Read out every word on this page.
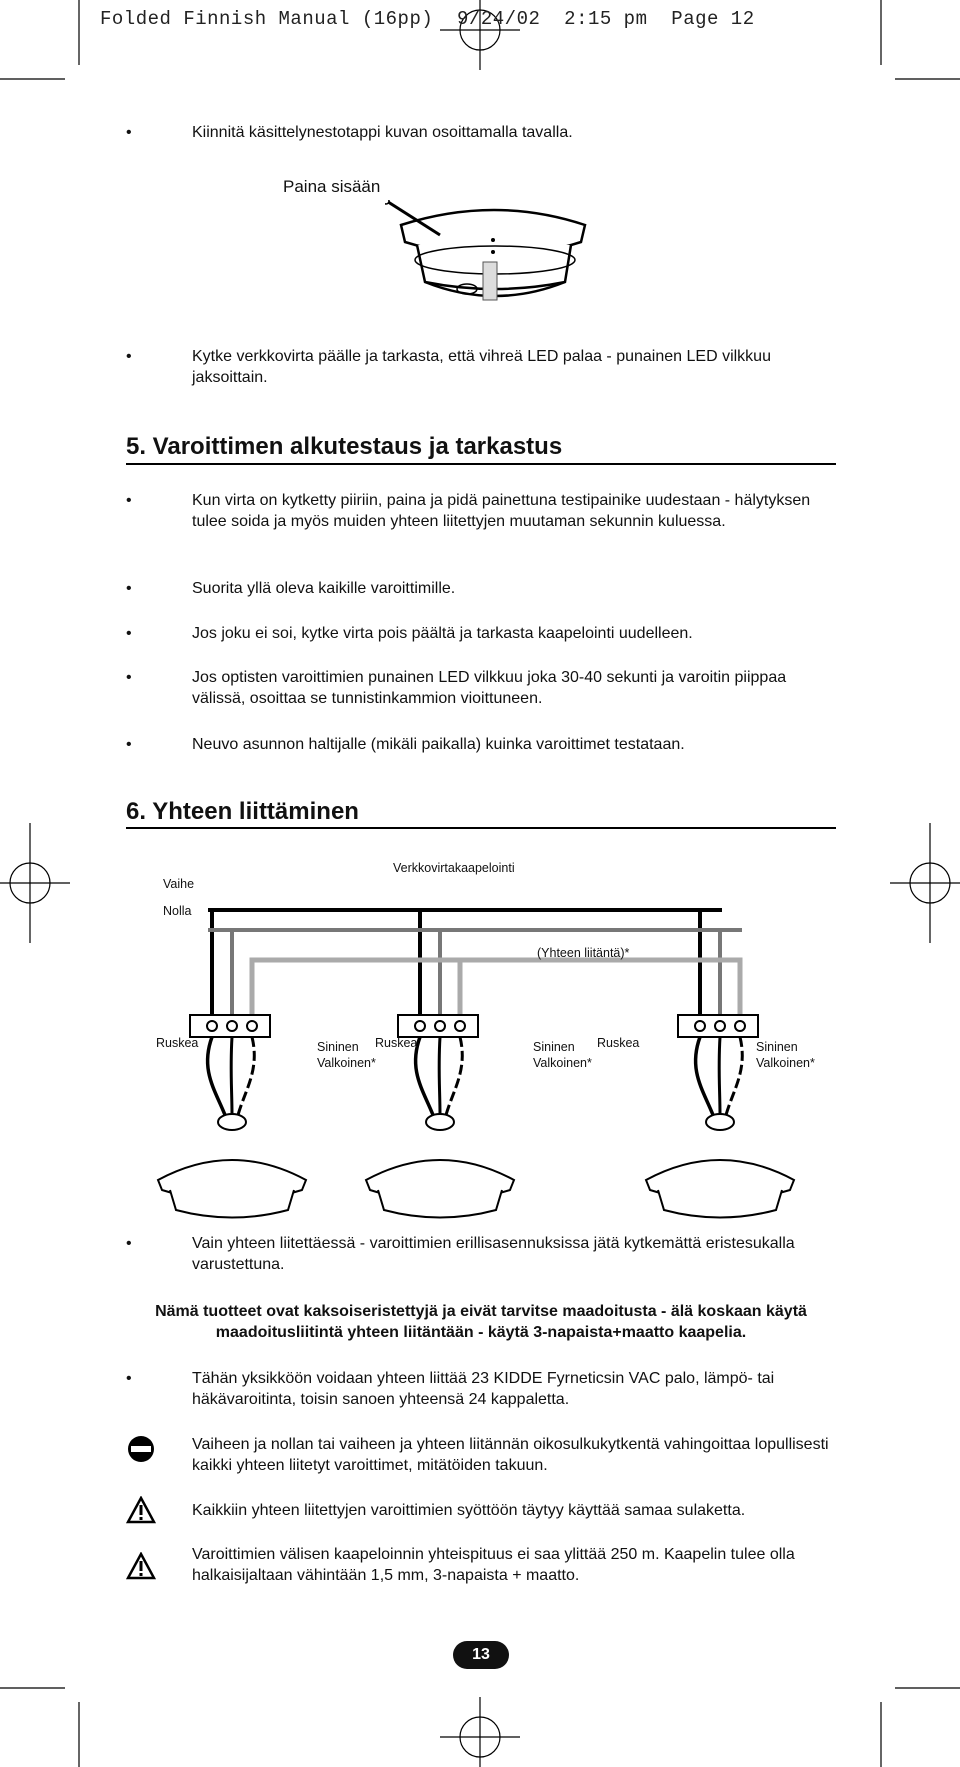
Folded Finnish Manual (16pp)  9/24/02  2:15 pm  Page 12
•	Kiinnitä käsittelynestotappi kuvan osoittamalla tavalla.
Paina sisään
•	Kytke verkkovirta päälle ja tarkasta, että vihreä LED palaa - punainen LED vilkkuu jaksoittain.
5. Varoittimen alkutestaus ja tarkastus
•	Kun virta on kytketty piiriin, paina ja pidä painettuna testipainike uudestaan - hälytyksen tulee soida ja myös muiden yhteen liitettyjen muutaman sekunnin kuluessa.
•	Suorita yllä oleva kaikille varoittimille.
•	Jos joku ei soi, kytke virta pois päältä ja tarkasta kaapelointi uudelleen.
•	Jos optisten varoittimien punainen LED vilkkuu joka 30-40 sekunti ja varoitin piippaa välissä, osoittaa se tunnistinkammion vioittuneen.
•	Neuvo asunnon haltijalle (mikäli paikalla) kuinka varoittimet testataan.
6. Yhteen liittäminen
Vaihe
Nolla
Verkkovirtakaapelointi
(Yhteen liitäntä)*
Ruskea	Sininen
Valkoinen*
Ruskea	Sininen
Valkoinen*
Ruskea	Sininen
Valkoinen*
•	Vain yhteen liitettäessä - varoittimien erillisasennuksissa jätä kytkemättä eristesukalla varustettuna.
Nämä tuotteet ovat kaksoiseristettyjä ja eivät tarvitse maadoitusta - älä koskaan käytä maadoitusliitintä yhteen liitäntään - käytä 3-napaista+maatto kaapelia.
•	Tähän yksikköön voidaan yhteen liittää 23 KIDDE Fyrneticsin VAC palo, lämpö- tai häkävaroitinta, toisin sanoen yhteensä 24 kappaletta.
Vaiheen ja nollan tai vaiheen ja yhteen liitännän oikosulkukytkentä vahingoittaa lopullisesti kaikki yhteen liitetyt varoittimet, mitätöiden takuun.
Kaikkiin yhteen liitettyjen varoittimien syöttöön täytyy käyttää samaa sulaketta.
Varoittimien välisen kaapeloinnin yhteispituus ei saa ylittää 250 m. Kaapelin tulee olla halkaisijaltaan vähintään 1,5 mm, 3-napaista + maatto.
13
